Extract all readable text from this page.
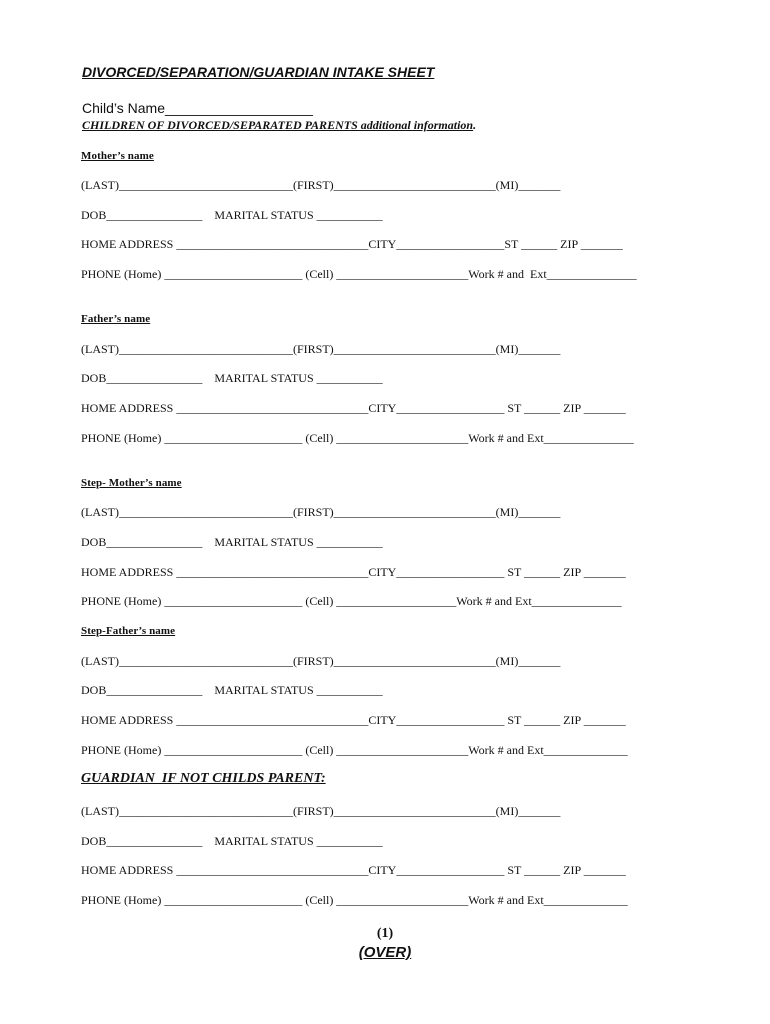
DIVORCED/SEPARATION/GUARDIAN INTAKE SHEET
Child’s Name___________________
CHILDREN OF DIVORCED/SEPARATED PARENTS additional information.
Mother’s name
(LAST)_____________________________(FIRST)___________________________(MI)_______
DOB________________    MARITAL STATUS ___________
HOME ADDRESS ________________________________CITY__________________ST ______ ZIP _______
PHONE (Home) _______________________ (Cell) ______________________Work # and  Ext_______________
Father’s name
(LAST)_____________________________(FIRST)___________________________(MI)_______
DOB________________    MARITAL STATUS ___________
HOME ADDRESS ________________________________CITY__________________ ST ______ ZIP _______
PHONE (Home) _______________________ (Cell) ______________________Work # and Ext_______________
Step- Mother’s name
(LAST)_____________________________(FIRST)___________________________(MI)_______
DOB________________    MARITAL STATUS ___________
HOME ADDRESS ________________________________CITY__________________ ST ______ ZIP _______
PHONE (Home) _______________________ (Cell) ____________________Work # and Ext_______________
Step-Father’s name
(LAST)_____________________________(FIRST)___________________________(MI)_______
DOB________________    MARITAL STATUS ___________
HOME ADDRESS ________________________________CITY__________________ ST ______ ZIP _______
PHONE (Home) _______________________ (Cell) ______________________Work # and Ext______________
GUARDIAN  IF NOT CHILDS PARENT:
(LAST)_____________________________(FIRST)___________________________(MI)_______
DOB________________    MARITAL STATUS ___________
HOME ADDRESS ________________________________CITY__________________ ST ______ ZIP _______
PHONE (Home) _______________________ (Cell) ______________________Work # and Ext______________
(1)
(OVER)
